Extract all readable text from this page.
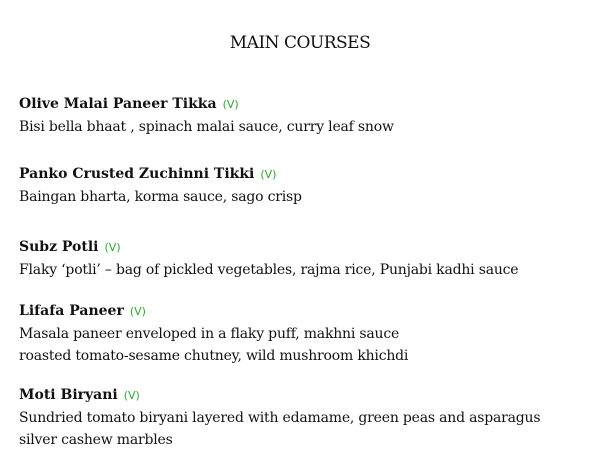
MAIN COURSES
Olive Malai Paneer Tikka (V)
Bisi bella bhaat , spinach malai sauce, curry leaf snow
Panko Crusted Zuchinni Tikki (V)
Baingan bharta, korma sauce, sago crisp
Subz Potli (V)
Flaky ‘potli’ – bag of pickled vegetables, rajma rice, Punjabi kadhi sauce
Lifafa Paneer (V)
Masala paneer enveloped in a flaky puff, makhni sauce
roasted tomato-sesame chutney, wild mushroom khichdi
Moti Biryani (V)
Sundried tomato biryani layered with edamame, green peas and asparagus
silver cashew marbles
